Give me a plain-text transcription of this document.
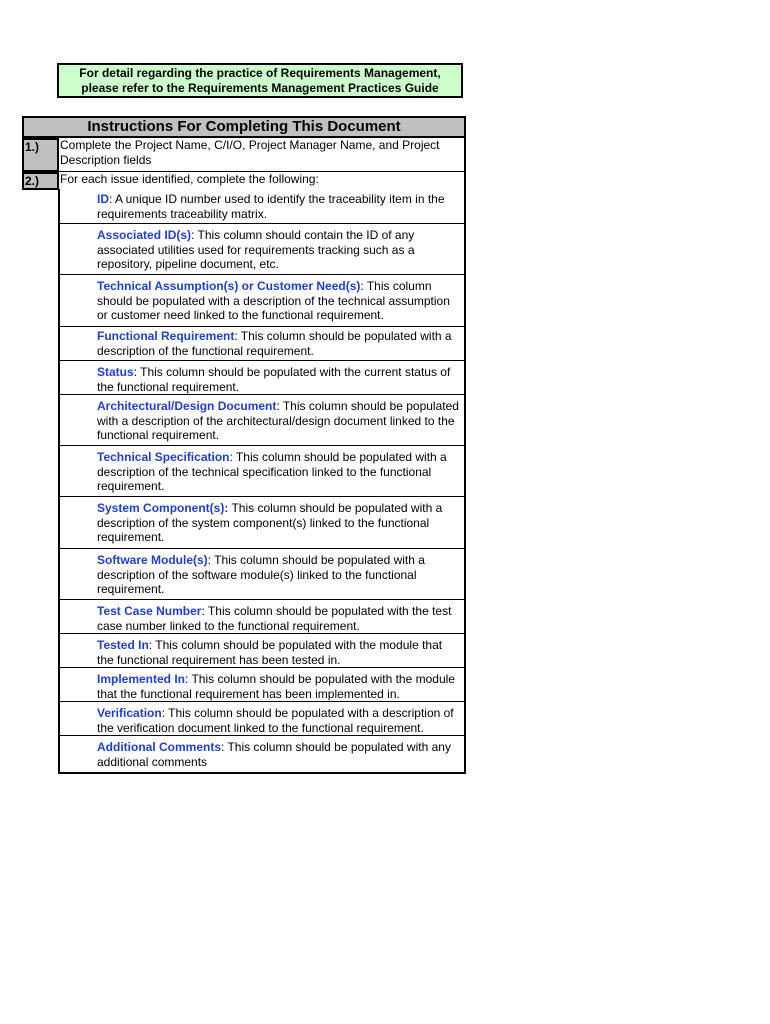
For detail regarding the practice of Requirements Management,
please refer to the Requirements Management Practices Guide
Instructions For Completing This Document
1.)	Complete the Project Name, C/I/O, Project Manager Name, and Project Description fields
2.)	For each issue identified, complete the following:
ID: A unique ID number used to identify the traceability item in the requirements traceability matrix.
Associated ID(s): This column should contain the ID of any associated utilities used for requirements tracking such as a repository, pipeline document, etc.
Technical Assumption(s) or Customer Need(s): This column should be populated with a description of the technical assumption or customer need linked to the functional requirement.
Functional Requirement: This column should be populated with a description of the functional requirement.
Status: This column should be populated with the current status of the functional requirement.
Architectural/Design Document: This column should be populated with a description of the architectural/design document linked to the functional requirement.
Technical Specification: This column should be populated with a description of the technical specification linked to the functional requirement.
System Component(s): This column should be populated with a description of the system component(s) linked to the functional requirement.
Software Module(s): This column should be populated with a description of the software module(s) linked to the functional requirement.
Test Case Number: This column should be populated with the test case number linked to the functional requirement.
Tested In: This column should be populated with the module that the functional requirement has been tested in.
Implemented In: This column should be populated with the module that the functional requirement has been implemented in.
Verification: This column should be populated with a description of the verification document linked to the functional requirement.
Additional Comments: This column should be populated with any additional comments
